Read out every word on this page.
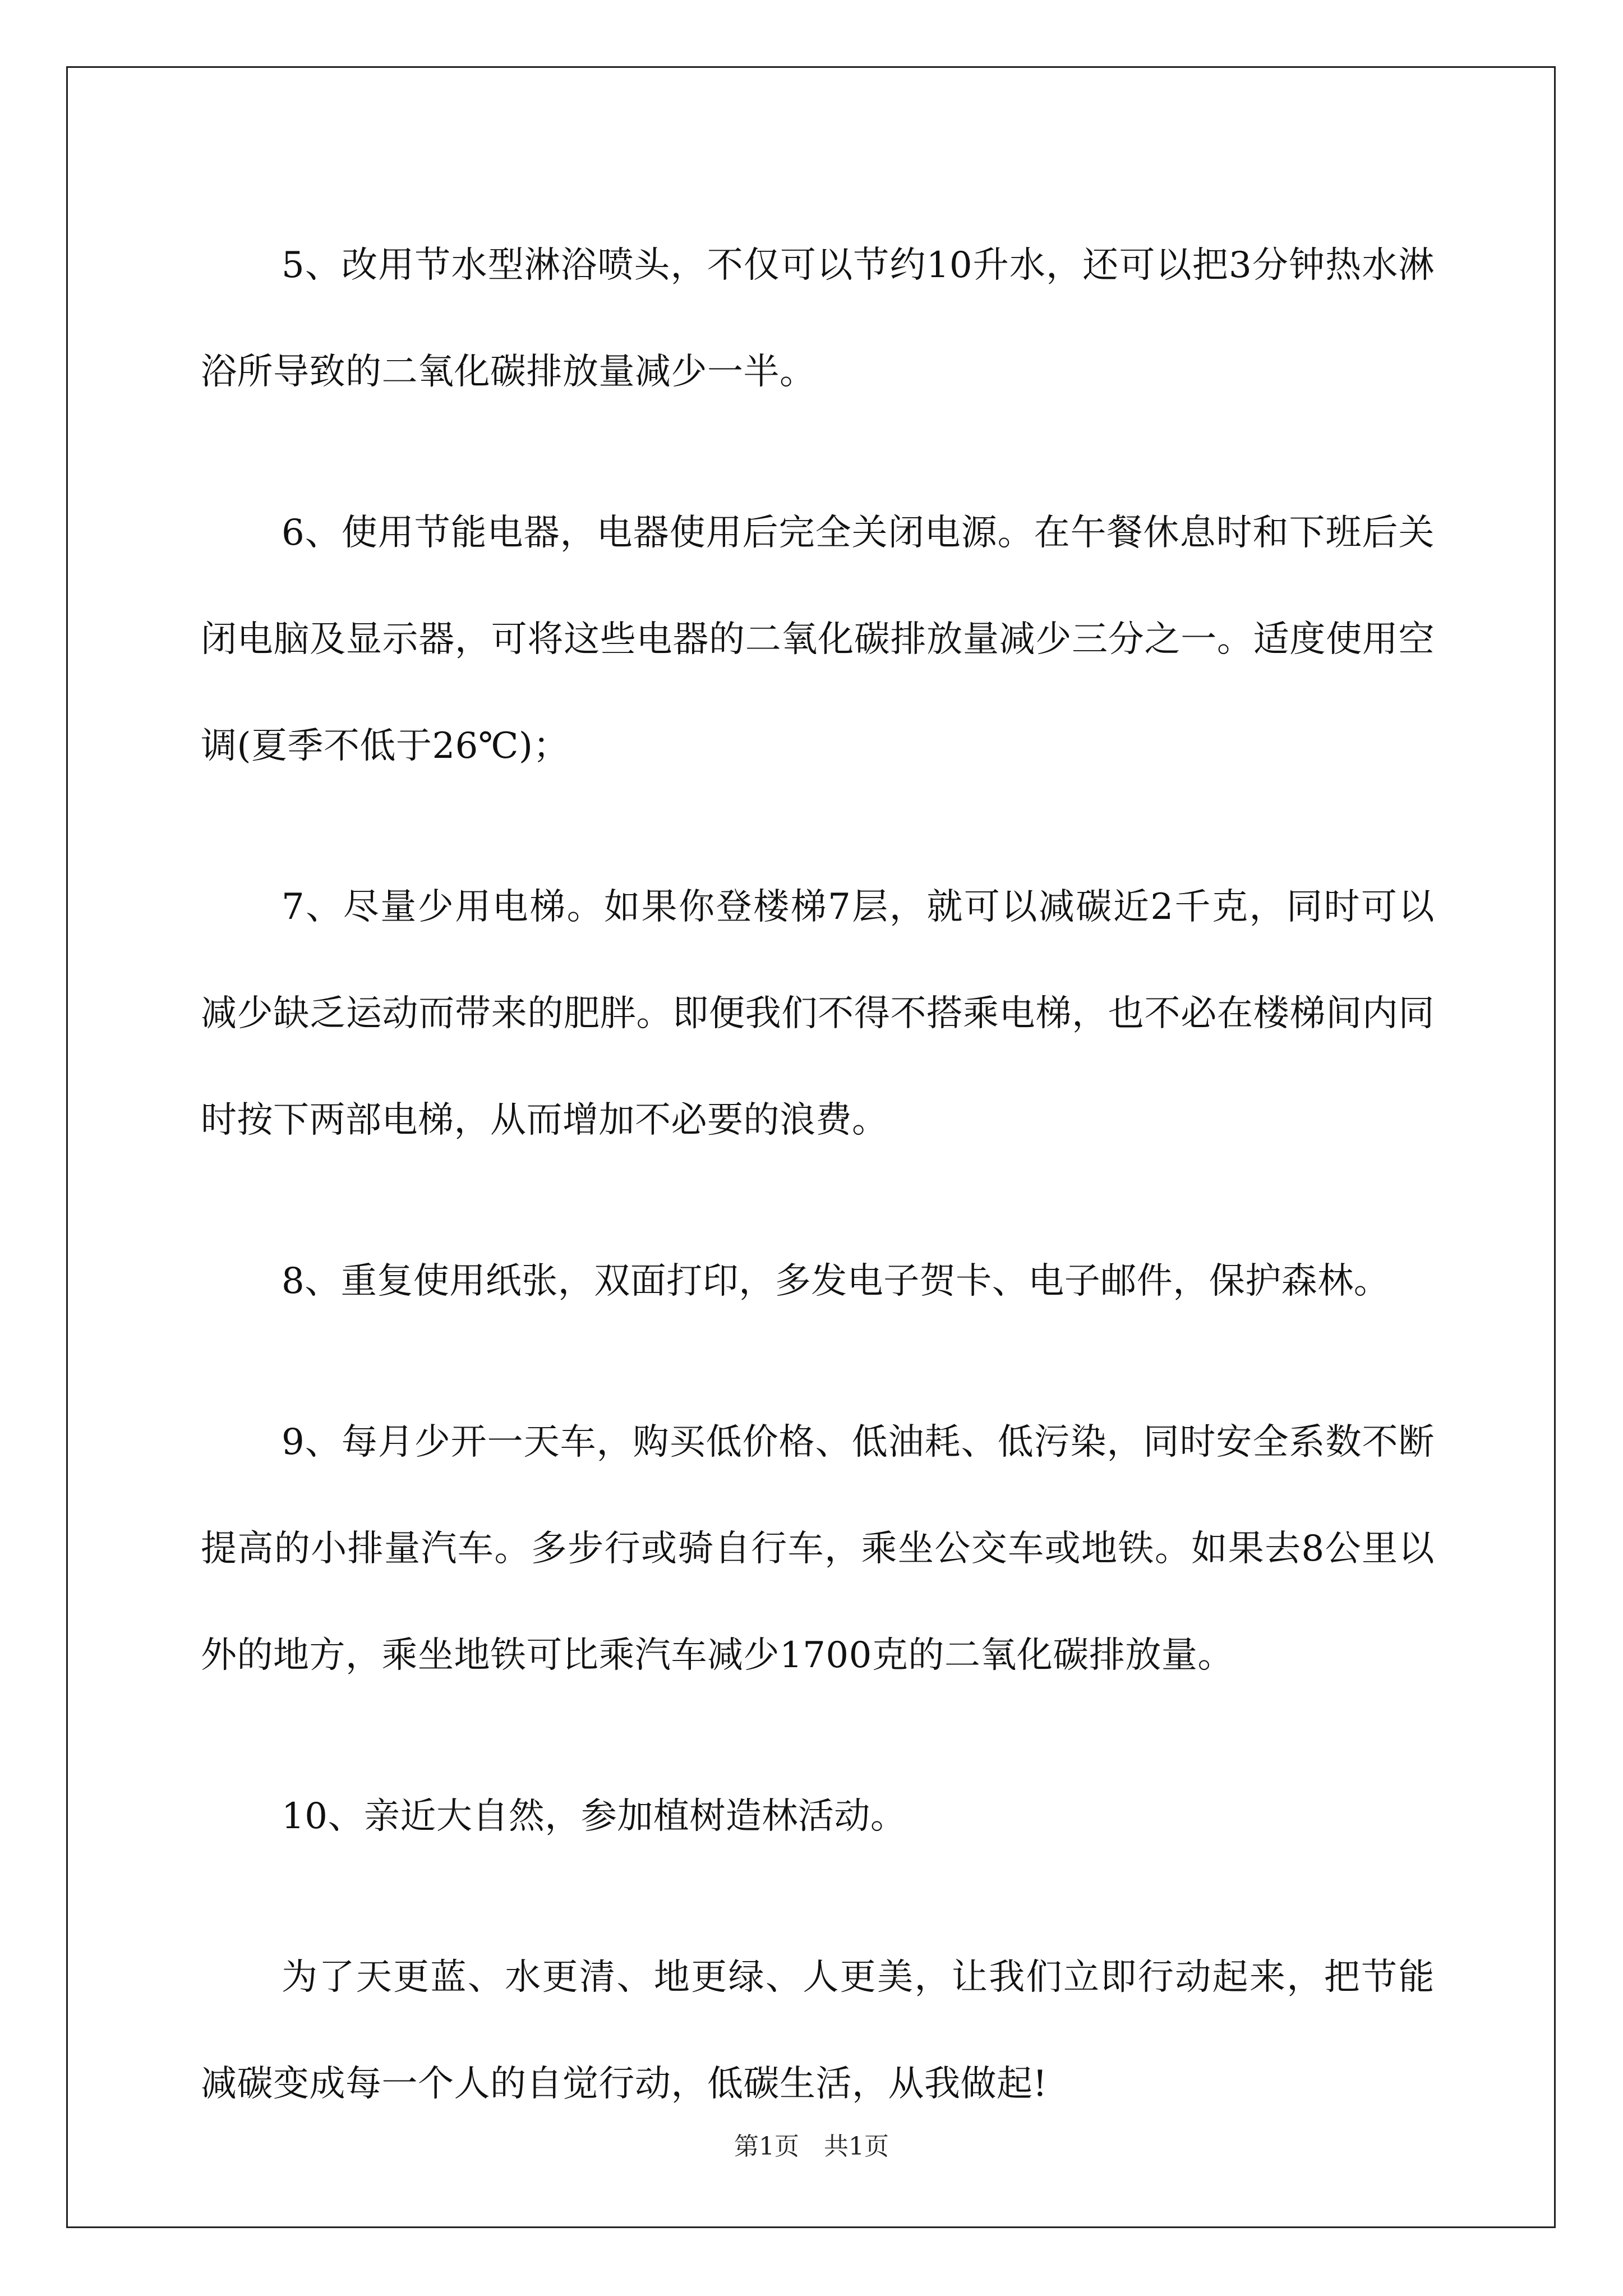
5、改用节水型淋浴喷头，不仅可以节约10升水，还可以把3分钟热水淋浴所导致的二氧化碳排放量减少一半。

6、使用节能电器，电器使用后完全关闭电源。在午餐休息时和下班后关闭电脑及显示器，可将这些电器的二氧化碳排放量减少三分之一。适度使用空调(夏季不低于26℃)；

7、尽量少用电梯。如果你登楼梯7层，就可以减碳近2千克，同时可以减少缺乏运动而带来的肥胖。即便我们不得不搭乘电梯，也不必在楼梯间内同时按下两部电梯，从而增加不必要的浪费。

8、重复使用纸张，双面打印，多发电子贺卡、电子邮件，保护森林。

9、每月少开一天车，购买低价格、低油耗、低污染，同时安全系数不断提高的小排量汽车。多步行或骑自行车，乘坐公交车或地铁。如果去8公里以外的地方，乘坐地铁可比乘汽车减少1700克的二氧化碳排放量。

10、亲近大自然，参加植树造林活动。

为了天更蓝、水更清、地更绿、人更美，让我们立即行动起来，把节能减碳变成每一个人的自觉行动，低碳生活，从我做起!

第1页　共1页
